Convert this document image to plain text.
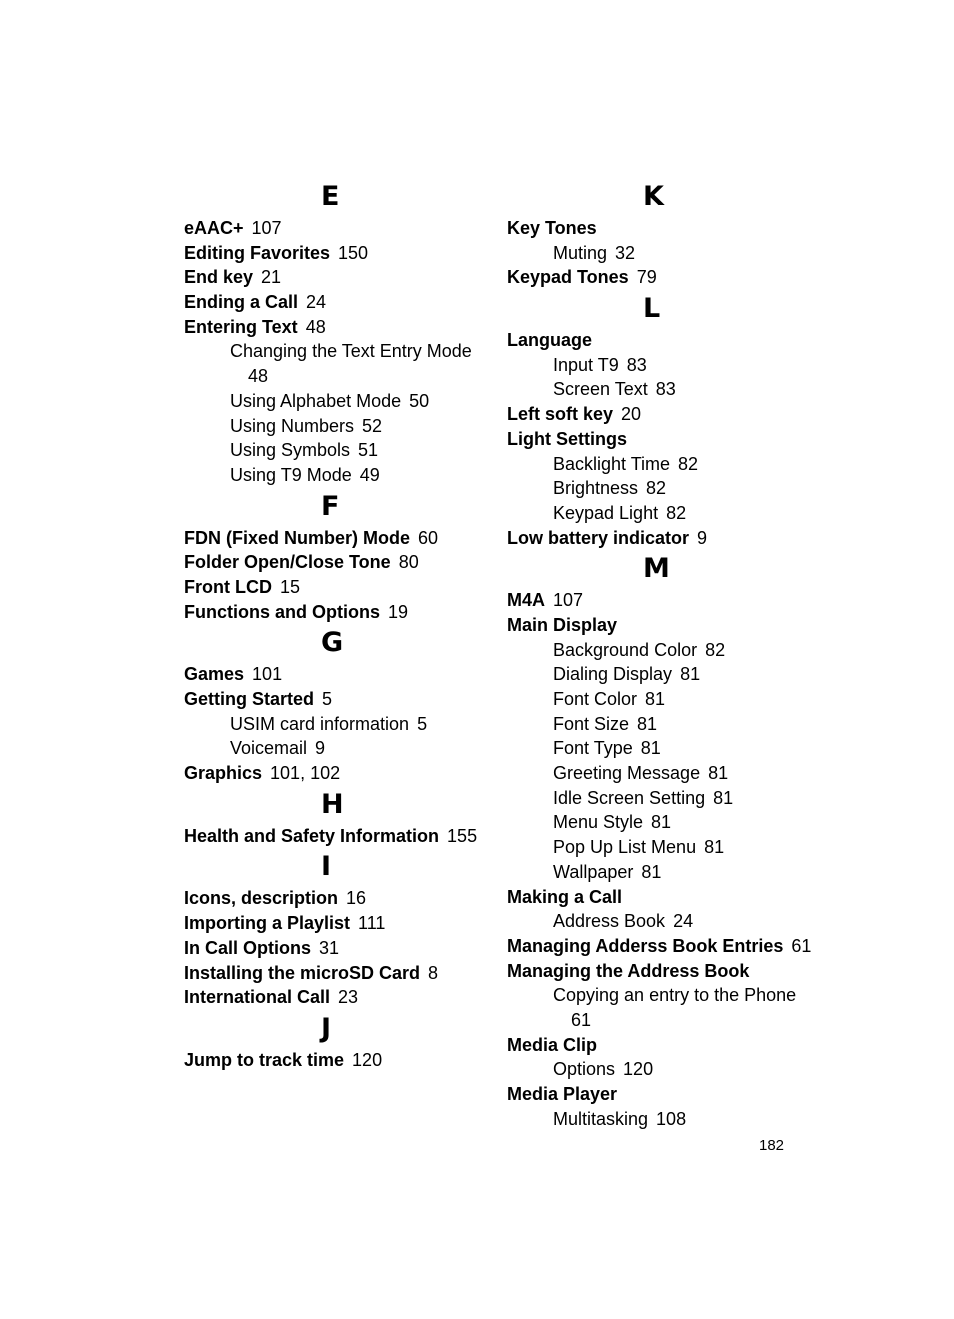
E
eAAC+ 107
Editing Favorites 150
End key 21
Ending a Call 24
Entering Text 48
Changing the Text Entry Mode
48
Using Alphabet Mode 50
Using Numbers 52
Using Symbols 51
Using T9 Mode 49
F
FDN (Fixed Number) Mode 60
Folder Open/Close Tone 80
Front LCD 15
Functions and Options 19
G
Games 101
Getting Started 5
USIM card information 5
Voicemail 9
Graphics 101, 102
H
Health and Safety Information 155
I
Icons, description 16
Importing a Playlist 111
In Call Options 31
Installing the microSD Card 8
International Call 23
J
Jump to track time 120
K
Key Tones
Muting 32
Keypad Tones 79
L
Language
Input T9 83
Screen Text 83
Left soft key 20
Light Settings
Backlight Time 82
Brightness 82
Keypad Light 82
Low battery indicator 9
M
M4A 107
Main Display
Background Color 82
Dialing Display 81
Font Color 81
Font Size 81
Font Type 81
Greeting Message 81
Idle Screen Setting 81
Menu Style 81
Pop Up List Menu 81
Wallpaper 81
Making a Call
Address Book 24
Managing Adderss Book Entries 61
Managing the Address Book
Copying an entry to the Phone
61
Media Clip
Options 120
Media Player
Multitasking 108
182
